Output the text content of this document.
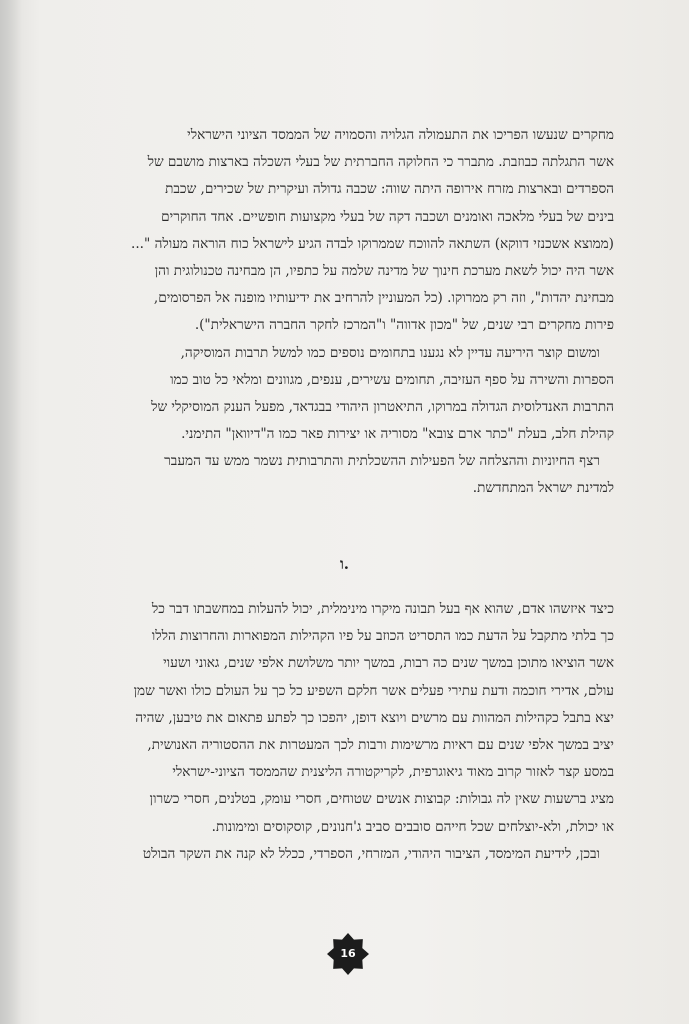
מחקרים שנעשו הפריכו את התעמולה הגלויה והסמויה של הממסד הציוני הישראלי
אשר התגלתה כבוזבת. מתברר כי החלוקה החברתית של בעלי השכלה בארצות מושבם של
הספרדים ובארצות מזרח אירופה היתה שווה: שכבה גדולה ועיקרית של שכירים, שכבת
בינים של בעלי מלאכה ואומנים ושכבה דקה של בעלי מקצועות חופשיים. אחד החוקרים
(ממוצא אשכנזי דווקא) השתאה להווכח שממרוקו לבדה הגיע לישראל כוח הוראה מעולה "...
אשר היה יכול לשאת מערכת חינוך של מדינה שלמה על כתפיו, הן מבחינה טכנולוגית והן
מבחינת יהדות", וזה רק ממרוקו. (כל המעוניין להרחיב את ידיעותיו מופנה אל הפרסומים,
פירות מחקרים רבי שנים, של "מכון אדווה" ו"המרכז לחקר החברה הישראלית").
ומשום קוצר היריעה עדיין לא נגענו בתחומים נוספים כמו למשל תרבות המוסיקה,
הספרות והשירה על ספף העזיבה, תחומים עשירים, ענפים, מגוונים ומלאי כל טוב כמו
התרבות האנדלוסית הגדולה במרוקו, התיאטרון היהודי בבגדאד, מפעל הענק המוסיקלי של
קהילת חלב, בעלת "כתר ארם צובא" מסוריה או יצירות פאר כמו ה"דיוואן" התימני.
רצף החיוניות וההצלחה של הפעילות ההשכלתית והתרבותית נשמר ממש עד המעבר
למדינת ישראל המתחדשת.
ו.
כיצד איזשהו אדם, שהוא אף בעל תבונה מיקרו מינימלית, יכול להעלות במחשבתו דבר כל
כך בלתי מתקבל על הדעת כמו התסריט הכוזב על פיו הקהילות המפוארות והחרוצות הללו
אשר הוציאו מתוכן במשך שנים כה רבות, במשך יותר משלושת אלפי שנים, גאוני ושעוי
עולם, אדירי חוכמה ודעת עתירי פעלים אשר חלקם השפיע כל כך על העולם כולו ואשר שמן
יצא בתבל כקהילות המהוות עם מרשים ויוצא דופן, יהפכו כך לפתע פתאום את טיבען, שהיה
יציב במשך אלפי שנים עם ראיות מרשימות ורבות לכך המעטרות את ההסטוריה האנושית,
במסע קצר לאזור קרוב מאוד גיאוגרפית, לקריקטורה הליצנית שהממסד הציוני-ישראלי
מציג ברשעות שאין לה גבולות: קבוצות אנשים שטוחים, חסרי עומק, בטלנים, חסרי כשרון
או יכולת, ולא-יוצלחים שכל חייהם סובבים סביב ג'חנונים, קוסקוסים ומימונות.
ובכן, לידיעת המימסד, הציבור היהודי, המזרחי, הספרדי, ככלל לא קנה את השקר הבולט
16
